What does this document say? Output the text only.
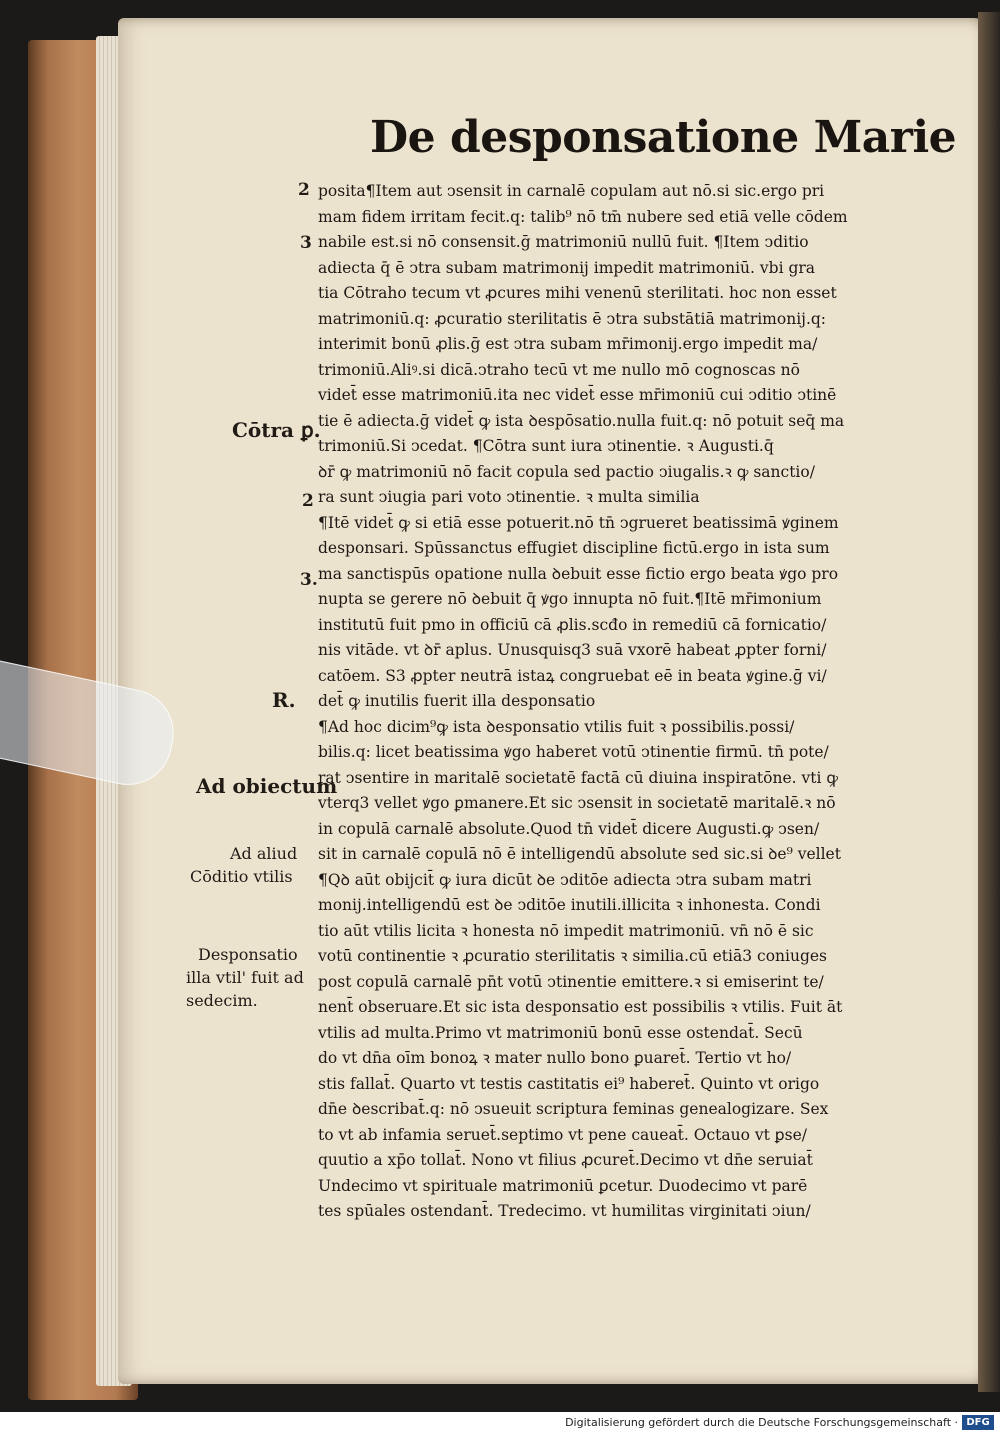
De desponsatione Marie
2
3
2
3.
Cōtra ꝑ.
R.
Ad obiectum
Ad aliud
Cōditio vtilis
Desponsatio
illa vtil' fuit ad
sedecim.
posita¶Item aut ↄsensit in carnalē copulam aut nō.si sic.ergo pri
mam fidem irritam fecit.q: talib⁹ nō tm̄ nubere sed etiā velle cōdem
nabile est.si nō consensit.ḡ matrimoniū nullū fuit. ¶Item ↄditio
adiecta q̄ ē ↄtra subam matrimonij impedit matrimoniū. vbi gra
tia Cōtraho tecum vt ꝓcures mihi venenū sterilitati. hoc non esset
matrimoniū.q: ꝓcuratio sterilitatis ē ↄtra substātiā matrimonij.q:
interimit bonū ꝓlis.ḡ est ↄtra subam mr̄imonij.ergo impedit ma/
trimoniū.Aliꝰ.si dicā.ↄtraho tecū vt me nullo mō cognoscas nō
videt̄ esse matrimoniū.ita nec videt̄ esse mr̄imoniū cui ↄditio ↄtinē
tie ē adiecta.ḡ videt̄ ꝙ ista ꝺespōsatio.nulla fuit.q: nō potuit seq̄ ma
trimoniū.Si ↄcedat. ¶Cōtra sunt iura ↄtinentie. ꝛ Augusti.q̄
ꝺr̄ ꝙ matrimoniū nō facit copula sed pactio ↄiugalis.ꝛ ꝙ sanctio/
ra sunt ↄiugia pari voto ↄtinentie. ꝛ multa similia
¶Itē videt̄ ꝙ si etiā esse potuerit.nō tn̄ ↄgrueret beatissimā ꝟginem
desponsari. Spūssanctus effugiet discipline fictū.ergo in ista sum
ma sanctispūs opatione nulla ꝺebuit esse fictio ergo beata ꝟgo pro
nupta se gerere nō ꝺebuit q̄ ꝟgo innupta nō fuit.¶Itē mr̄imonium
institutū fuit pmo in officiū cā ꝓlis.scđo in remediū cā fornicatio/
nis vitāde. vt ꝺr̄ aplus. Unusquisq3 suā vxorē habeat ꝓpter forni/
catōem. S3 ꝓpter neutrā istaꝝ congruebat eē in beata ꝟgine.ḡ vi/
det̄ ꝙ inutilis fuerit illa desponsatio
¶Ad hoc dicim⁹ꝙ ista ꝺesponsatio vtilis fuit ꝛ possibilis.possi/
bilis.q: licet beatissima ꝟgo haberet votū ↄtinentie firmū. tn̄ pote/
rat ↄsentire in maritalē societatē factā cū diuina inspiratōne. vti ꝙ
vterq3 vellet ꝟgo ꝑmanere.Et sic ↄsensit in societatē maritalē.ꝛ nō
in copulā carnalē absolute.Quod tn̄ videt̄ dicere Augusti.ꝙ ↄsen/
sit in carnalē copulā nō ē intelligendū absolute sed sic.si ꝺe⁹ vellet
¶Qꝺ aūt obijcit̄ ꝙ iura dicūt ꝺe ↄditōe adiecta ↄtra subam matri
monij.intelligendū est ꝺe ↄditōe inutili.illicita ꝛ inhonesta. Condi
tio aūt vtilis licita ꝛ honesta nō impedit matrimoniū. vn̄ nō ē sic
votū continentie ꝛ ꝓcuratio sterilitatis ꝛ similia.cū etiā3 coniuges
post copulā carnalē pn̄t votū ↄtinentie emittere.ꝛ si emiserint te/
nent̄ obseruare.Et sic ista desponsatio est possibilis ꝛ vtilis. Fuit āt
vtilis ad multa.Primo vt matrimoniū bonū esse ostendat̄. Secū
do vt dn̄a oīm bonoꝝ ꝛ mater nullo bono ꝑuaret̄. Tertio vt ho/
stis fallat̄. Quarto vt testis castitatis ei⁹ haberet̄. Quinto vt origo
dn̄e ꝺescribat̄.q: nō ↄsueuit scriptura feminas genealogizare. Sex
to vt ab infamia seruet̄.septimo vt pene caueat̄. Octauo vt ꝑse/
quutio a xp̄o tollat̄. Nono vt filius ꝓcuret̄.Decimo vt dn̄e seruiat̄
Undecimo vt spirituale matrimoniū ꝑcetur. Duodecimo vt parē
tes spūales ostendant̄. Tredecimo. vt humilitas virginitati ↄiun/
Digitalisierung gefördert durch die Deutsche Forschungsgemeinschaft · DFG
